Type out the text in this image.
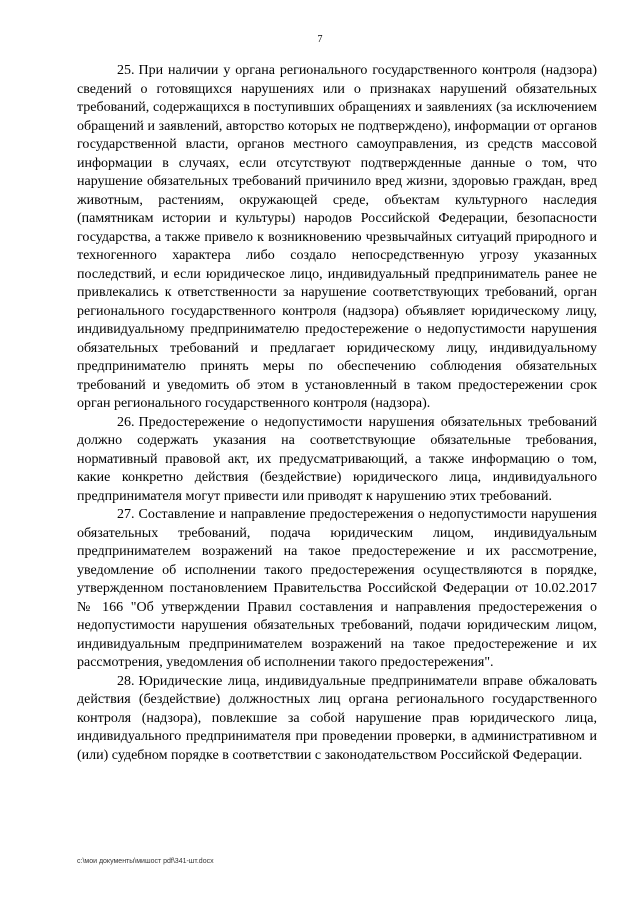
7

25. При наличии у органа регионального государственного контроля (надзора) сведений о готовящихся нарушениях или о признаках нарушений обязательных требований, содержащихся в поступивших обращениях и заявлениях (за исключением обращений и заявлений, авторство которых не подтверждено), информации от органов государственной власти, органов местного самоуправления, из средств массовой информации в случаях, если отсутствуют подтвержденные данные о том, что нарушение обязательных требований причинило вред жизни, здоровью граждан, вред животным, растениям, окружающей среде, объектам культурного наследия (памятникам истории и культуры) народов Российской Федерации, безопасности государства, а также привело к возникновению чрезвычайных ситуаций природного и техногенного характера либо создало непосредственную угрозу указанных последствий, и если юридическое лицо, индивидуальный предприниматель ранее не привлекались к ответственности за нарушение соответствующих требований, орган регионального государственного контроля (надзора) объявляет юридическому лицу, индивидуальному предпринимателю предостережение о недопустимости нарушения обязательных требований и предлагает юридическому лицу, индивидуальному предпринимателю принять меры по обеспечению соблюдения обязательных требований и уведомить об этом в установленный в таком предостережении срок орган регионального государственного контроля (надзора).

26. Предостережение о недопустимости нарушения обязательных требований должно содержать указания на соответствующие обязательные требования, нормативный правовой акт, их предусматривающий, а также информацию о том, какие конкретно действия (бездействие) юридического лица, индивидуального предпринимателя могут привести или приводят к нарушению этих требований.

27. Составление и направление предостережения о недопустимости нарушения обязательных требований, подача юридическим лицом, индивидуальным предпринимателем возражений на такое предостережение и их рассмотрение, уведомление об исполнении такого предостережения осуществляются в порядке, утвержденном постановлением Правительства Российской Федерации от 10.02.2017 № 166 "Об утверждении Правил составления и направления предостережения о недопустимости нарушения обязательных требований, подачи юридическим лицом, индивидуальным предпринимателем возражений на такое предостережение и их рассмотрения, уведомления об исполнении такого предостережения".

28. Юридические лица, индивидуальные предприниматели вправе обжаловать действия (бездействие) должностных лиц органа регионального государственного контроля (надзора), повлекшие за собой нарушение прав юридического лица, индивидуального предпринимателя при проведении проверки, в административном и (или) судебном порядке в соответствии с законодательством Российской Федерации.

c:\мои документы\мишост pdf\341-шт.docx
